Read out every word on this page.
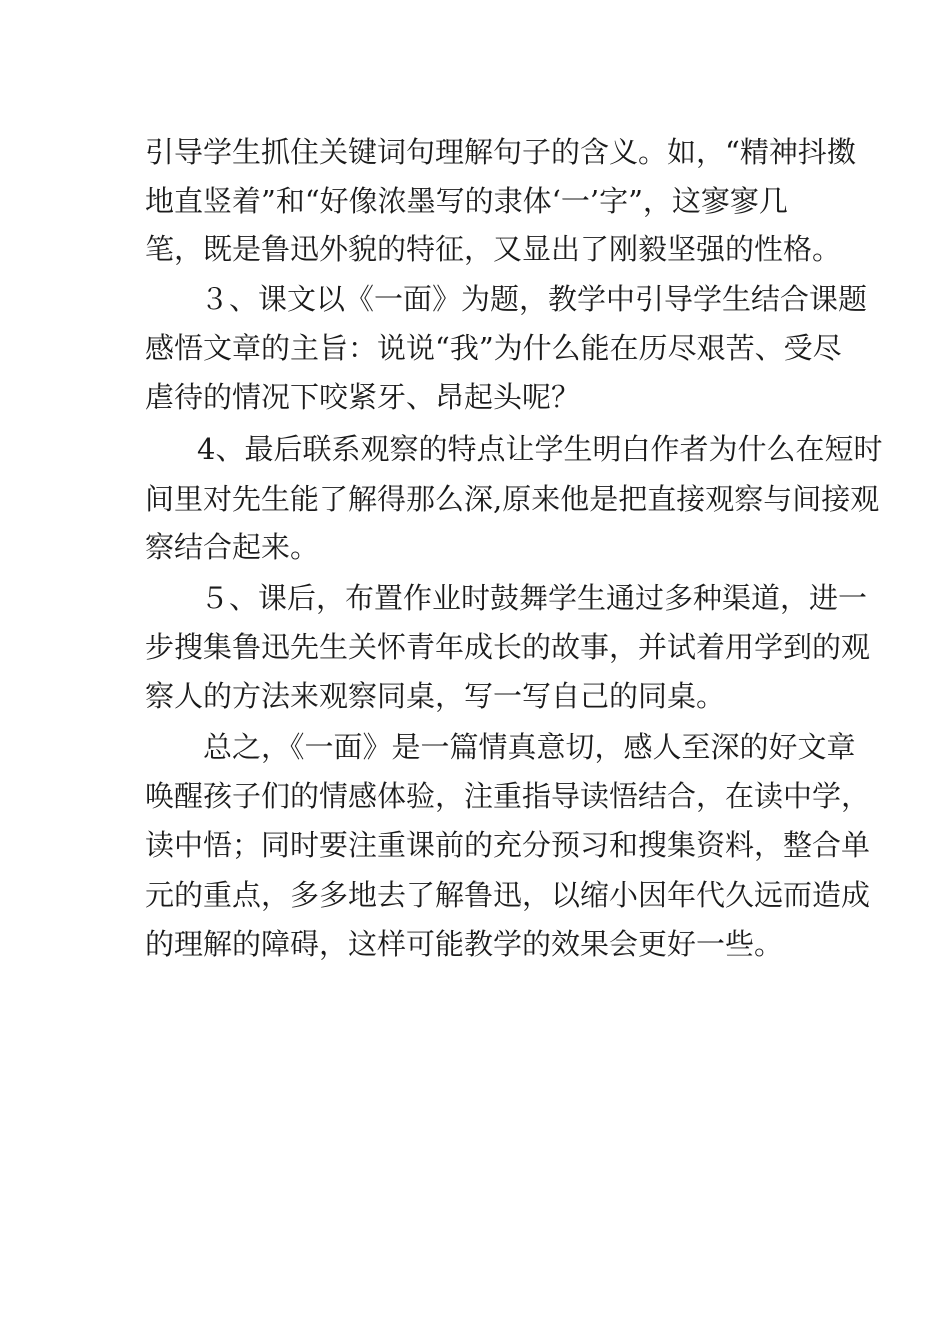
引导学生抓住关键词句理解句子的含义。如，“精神抖擞
地直竖着”和“好像浓墨写的隶体‘一’字”，这寥寥几
笔，既是鲁迅外貌的特征，又显出了刚毅坚强的性格。
３、课文以《一面》为题，教学中引导学生结合课题
感悟文章的主旨：说说“我”为什么能在历尽艰苦、受尽
虐待的情况下咬紧牙、昂起头呢？
4、最后联系观察的特点让学生明白作者为什么在短时
间里对先生能了解得那么深,原来他是把直接观察与间接观
察结合起来。
５、课后，布置作业时鼓舞学生通过多种渠道，进一
步搜集鲁迅先生关怀青年成长的故事，并试着用学到的观
察人的方法来观察同桌，写一写自己的同桌。
总之，《一面》是一篇情真意切，感人至深的好文章
唤醒孩子们的情感体验，注重指导读悟结合，在读中学，
读中悟；同时要注重课前的充分预习和搜集资料，整合单
元的重点，多多地去了解鲁迅，以缩小因年代久远而造成
的理解的障碍，这样可能教学的效果会更好一些。
